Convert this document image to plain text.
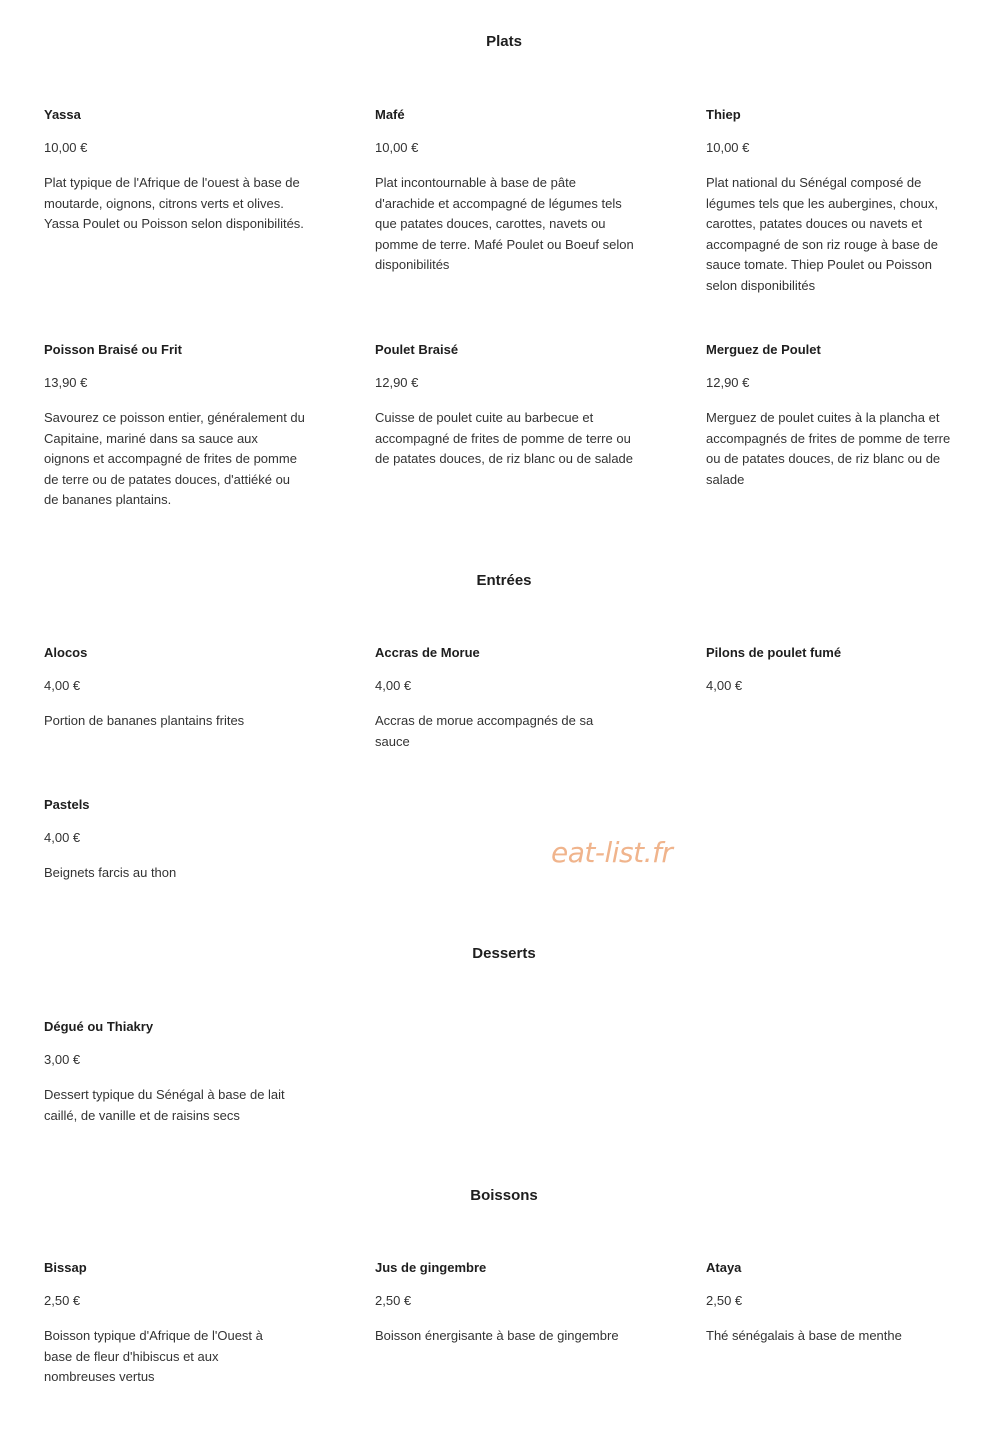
Plats
Yassa
10,00 €
Plat typique de l'Afrique de l'ouest à base de moutarde, oignons, citrons verts et olives. Yassa Poulet ou Poisson selon disponibilités.
Mafé
10,00 €
Plat incontournable à base de pâte d'arachide et accompagné de légumes tels que patates douces, carottes, navets ou pomme de terre. Mafé Poulet ou Boeuf selon disponibilités
Thiep
10,00 €
Plat national du Sénégal composé de légumes tels que les aubergines, choux, carottes, patates douces ou navets et accompagné de son riz rouge à base de sauce tomate. Thiep Poulet ou Poisson selon disponibilités
Poisson Braisé ou Frit
13,90 €
Savourez ce poisson entier, généralement du Capitaine, mariné dans sa sauce aux oignons et accompagné de frites de pomme de terre ou de patates douces, d'attiéké ou de bananes plantains.
Poulet Braisé
12,90 €
Cuisse de poulet cuite au barbecue et accompagné de frites de pomme de terre ou de patates douces, de riz blanc ou de salade
Merguez de Poulet
12,90 €
Merguez de poulet cuites à la plancha et accompagnés de frites de pomme de terre ou de patates douces, de riz blanc ou de salade
Entrées
Alocos
4,00 €
Portion de bananes plantains frites
Accras de Morue
4,00 €
Accras de morue accompagnés de sa sauce
Pilons de poulet fumé
4,00 €
Pastels
4,00 €
Beignets farcis au thon
eat-list.fr
Desserts
Dégué ou Thiakry
3,00 €
Dessert typique du Sénégal à base de lait caillé, de vanille et de raisins secs
Boissons
Bissap
2,50 €
Boisson typique d'Afrique de l'Ouest à base de fleur d'hibiscus et aux nombreuses vertus
Jus de gingembre
2,50 €
Boisson énergisante à base de gingembre
Ataya
2,50 €
Thé sénégalais à base de menthe
